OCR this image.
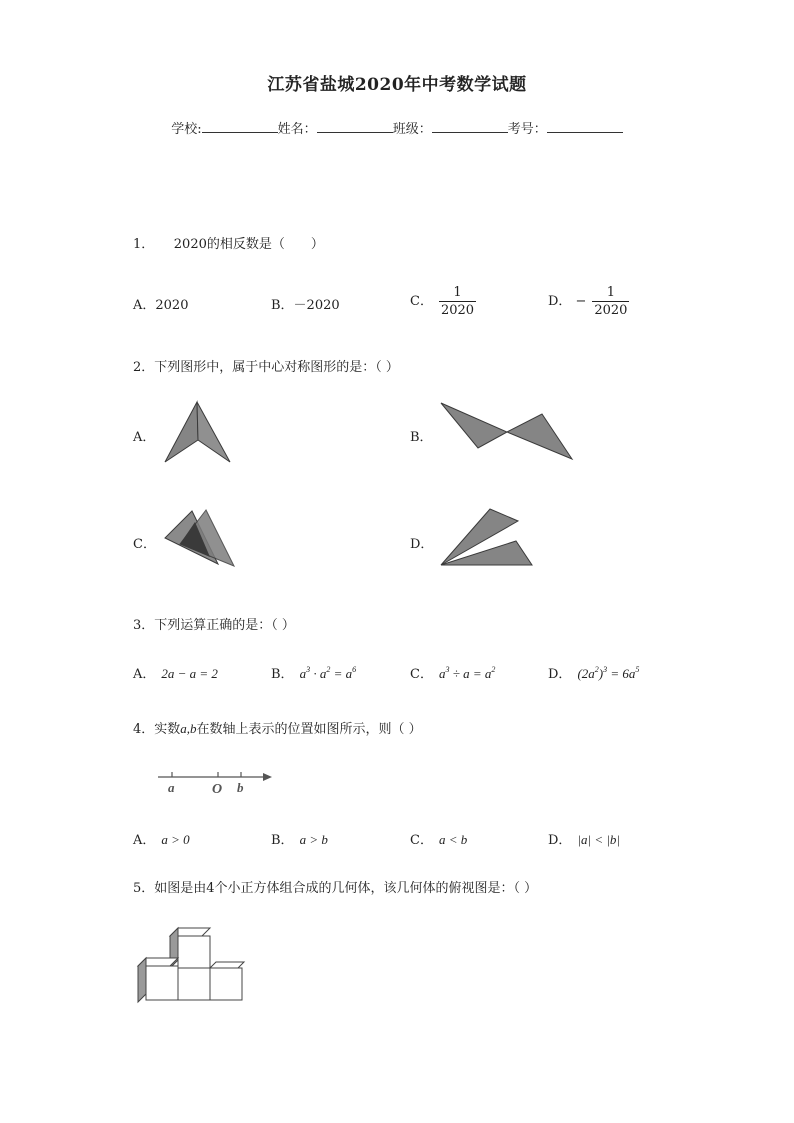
江苏省盐城2020年中考数学试题
学校:	姓名：	班级：	考号：
1．　　2020的相反数是（　　）
A．2020	B．－2020	C． $\frac{1}{2020}$	D． − $\frac{1}{2020}$
2．下列图形中，属于中心对称图形的是：（ ）
A．	B．
C．	D．
3．下列运算正确的是：（ ）
A． 2a − a = 2	B． $a^3 \cdot a^2 = a^6$	C． $a^3 \div a = a^2$	D． $(2a^2)^3 = 6a^5$
4．实数a,b在数轴上表示的位置如图所示，则（ ）
a	O b
A． a > 0	B． a > b	C． a < b	D． |a| < |b|
5．如图是由4个小正方体组合成的几何体，该几何体的俯视图是：（ ）
